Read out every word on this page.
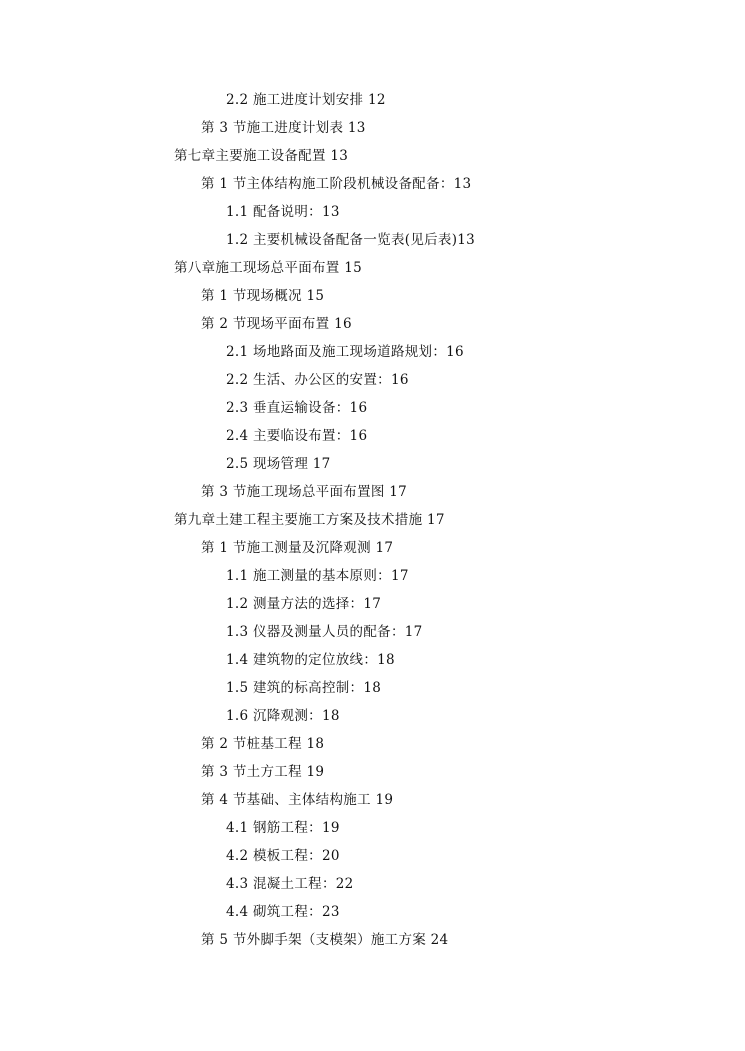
2.2 施工进度计划安排 12
第 3 节施工进度计划表 13
第七章主要施工设备配置 13
第 1 节主体结构施工阶段机械设备配备：13
1.1 配备说明：13
1.2 主要机械设备配备一览表(见后表)13
第八章施工现场总平面布置 15
第 1 节现场概况 15
第 2 节现场平面布置 16
2.1 场地路面及施工现场道路规划：16
2.2 生活、办公区的安置：16
2.3 垂直运输设备：16
2.4 主要临设布置：16
2.5 现场管理 17
第 3 节施工现场总平面布置图 17
第九章土建工程主要施工方案及技术措施 17
第 1 节施工测量及沉降观测 17
1.1 施工测量的基本原则：17
1.2 测量方法的选择：17
1.3 仪器及测量人员的配备：17
1.4 建筑物的定位放线：18
1.5 建筑的标高控制：18
1.6 沉降观测：18
第 2 节桩基工程 18
第 3 节土方工程 19
第 4 节基础、主体结构施工 19
4.1 钢筋工程：19
4.2 模板工程：20
4.3 混凝土工程：22
4.4 砌筑工程：23
第 5 节外脚手架（支模架）施工方案 24
